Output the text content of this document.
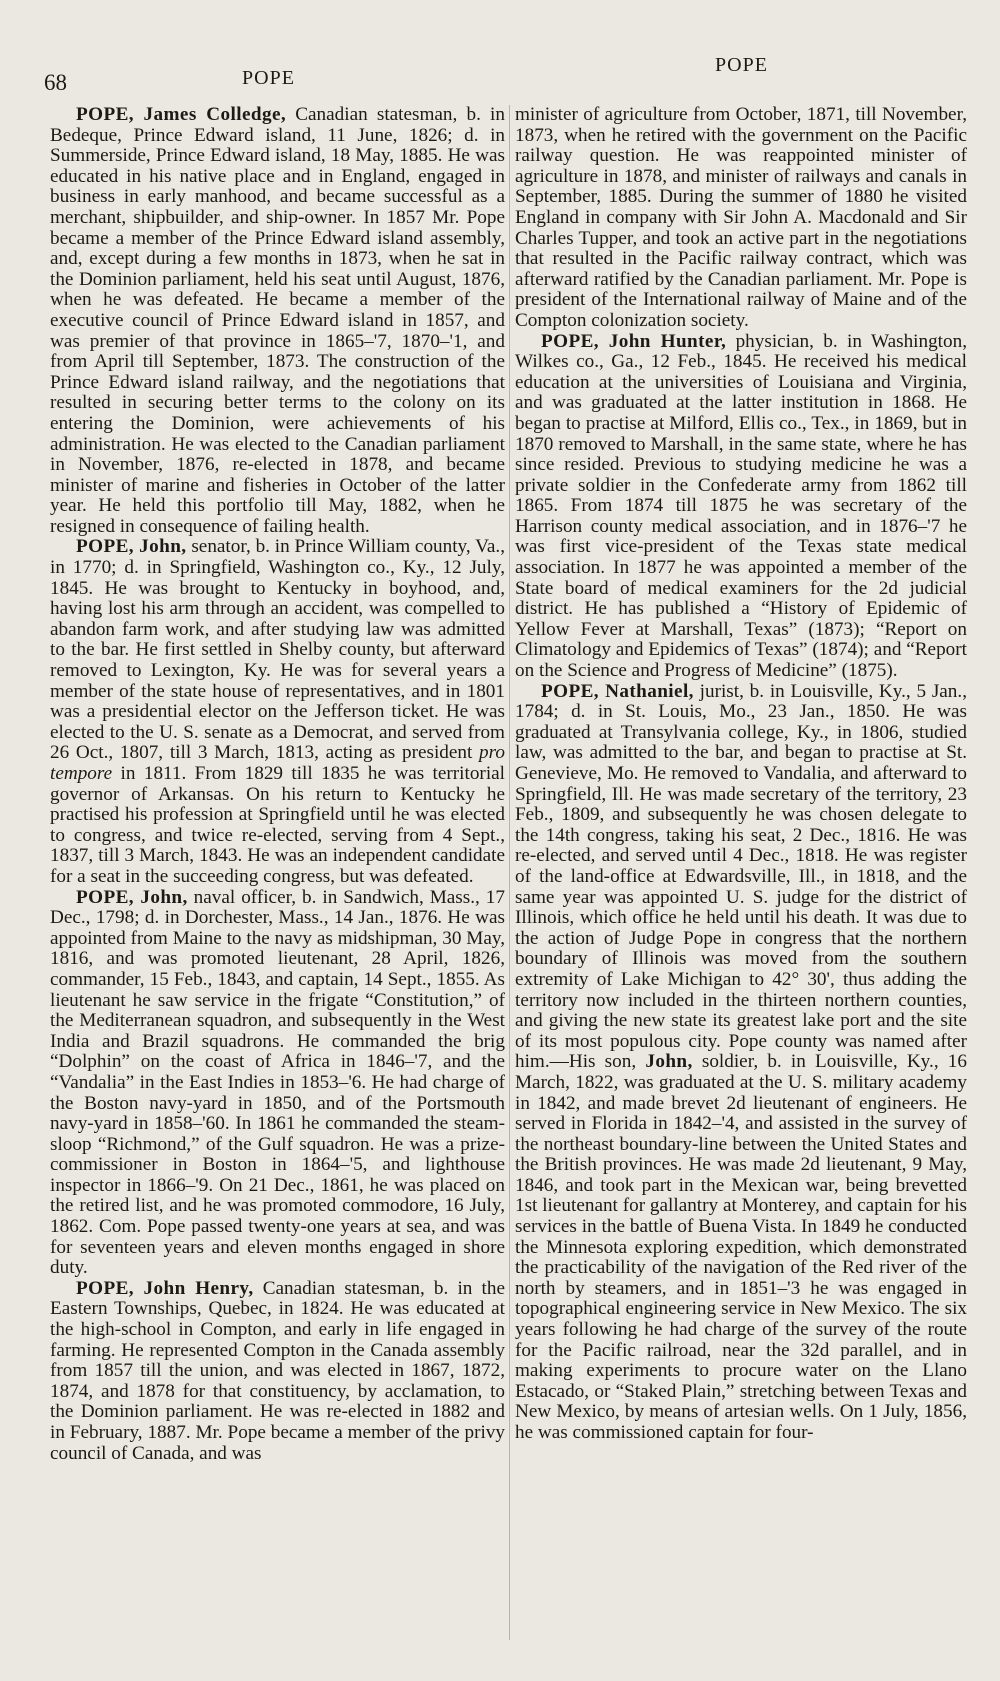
68	POPE
POPE

POPE, James Colledge, Canadian statesman, b. in Bedeque, Prince Edward island, 11 June, 1826; d. in Summerside, Prince Edward island, 18 May, 1885. He was educated in his native place and in England, engaged in business in early manhood, and became successful as a merchant, shipbuilder, and ship-owner. In 1857 Mr. Pope became a member of the Prince Edward island assembly, and, except during a few months in 1873, when he sat in the Dominion parliament, held his seat until August, 1876, when he was defeated. He became a member of the executive council of Prince Edward island in 1857, and was premier of that province in 1865–'7, 1870–'1, and from April till September, 1873. The construction of the Prince Edward island railway, and the negotiations that resulted in securing better terms to the colony on its entering the Dominion, were achievements of his administration. He was elected to the Canadian parliament in November, 1876, re-elected in 1878, and became minister of marine and fisheries in October of the latter year. He held this portfolio till May, 1882, when he resigned in consequence of failing health.

POPE, John, senator, b. in Prince William county, Va., in 1770; d. in Springfield, Washington co., Ky., 12 July, 1845. He was brought to Kentucky in boyhood, and, having lost his arm through an accident, was compelled to abandon farm work, and after studying law was admitted to the bar. He first settled in Shelby county, but afterward removed to Lexington, Ky. He was for several years a member of the state house of representatives, and in 1801 was a presidential elector on the Jefferson ticket. He was elected to the U. S. senate as a Democrat, and served from 26 Oct., 1807, till 3 March, 1813, acting as president pro tempore in 1811. From 1829 till 1835 he was territorial governor of Arkansas. On his return to Kentucky he practised his profession at Springfield until he was elected to congress, and twice re-elected, serving from 4 Sept., 1837, till 3 March, 1843. He was an independent candidate for a seat in the succeeding congress, but was defeated.

POPE, John, naval officer, b. in Sandwich, Mass., 17 Dec., 1798; d. in Dorchester, Mass., 14 Jan., 1876. He was appointed from Maine to the navy as midshipman, 30 May, 1816, and was promoted lieutenant, 28 April, 1826, commander, 15 Feb., 1843, and captain, 14 Sept., 1855. As lieutenant he saw service in the frigate “Constitution,” of the Mediterranean squadron, and subsequently in the West India and Brazil squadrons. He commanded the brig “Dolphin” on the coast of Africa in 1846–'7, and the “Vandalia” in the East Indies in 1853–'6. He had charge of the Boston navy-yard in 1850, and of the Portsmouth navy-yard in 1858–'60. In 1861 he commanded the steam-sloop “Richmond,” of the Gulf squadron. He was a prize-commissioner in Boston in 1864–'5, and lighthouse inspector in 1866–'9. On 21 Dec., 1861, he was placed on the retired list, and he was promoted commodore, 16 July, 1862. Com. Pope passed twenty-one years at sea, and was for seventeen years and eleven months engaged in shore duty.

POPE, John Henry, Canadian statesman, b. in the Eastern Townships, Quebec, in 1824. He was educated at the high-school in Compton, and early in life engaged in farming. He represented Compton in the Canada assembly from 1857 till the union, and was elected in 1867, 1872, 1874, and 1878 for that constituency, by acclamation, to the Dominion parliament. He was re-elected in 1882 and in February, 1887. Mr. Pope became a member of the privy council of Canada, and was

minister of agriculture from October, 1871, till November, 1873, when he retired with the government on the Pacific railway question. He was reappointed minister of agriculture in 1878, and minister of railways and canals in September, 1885. During the summer of 1880 he visited England in company with Sir John A. Macdonald and Sir Charles Tupper, and took an active part in the negotiations that resulted in the Pacific railway contract, which was afterward ratified by the Canadian parliament. Mr. Pope is president of the International railway of Maine and of the Compton colonization society.

POPE, John Hunter, physician, b. in Washington, Wilkes co., Ga., 12 Feb., 1845. He received his medical education at the universities of Louisiana and Virginia, and was graduated at the latter institution in 1868. He began to practise at Milford, Ellis co., Tex., in 1869, but in 1870 removed to Marshall, in the same state, where he has since resided. Previous to studying medicine he was a private soldier in the Confederate army from 1862 till 1865. From 1874 till 1875 he was secretary of the Harrison county medical association, and in 1876–'7 he was first vice-president of the Texas state medical association. In 1877 he was appointed a member of the State board of medical examiners for the 2d judicial district. He has published a “History of Epidemic of Yellow Fever at Marshall, Texas” (1873); “Report on Climatology and Epidemics of Texas” (1874); and “Report on the Science and Progress of Medicine” (1875).

POPE, Nathaniel, jurist, b. in Louisville, Ky., 5 Jan., 1784; d. in St. Louis, Mo., 23 Jan., 1850. He was graduated at Transylvania college, Ky., in 1806, studied law, was admitted to the bar, and began to practise at St. Genevieve, Mo. He removed to Vandalia, and afterward to Springfield, Ill. He was made secretary of the territory, 23 Feb., 1809, and subsequently he was chosen delegate to the 14th congress, taking his seat, 2 Dec., 1816. He was re-elected, and served until 4 Dec., 1818. He was register of the land-office at Edwardsville, Ill., in 1818, and the same year was appointed U. S. judge for the district of Illinois, which office he held until his death. It was due to the action of Judge Pope in congress that the northern boundary of Illinois was moved from the southern extremity of Lake Michigan to 42° 30', thus adding the territory now included in the thirteen northern counties, and giving the new state its greatest lake port and the site of its most populous city. Pope county was named after him.—His son, John, soldier, b. in Louisville, Ky., 16 March, 1822, was graduated at the U. S. military academy in 1842, and made brevet 2d lieutenant of engineers. He served in Florida in 1842–'4, and assisted in the survey of the northeast boundary-line between the United States and the British provinces. He was made 2d lieutenant, 9 May, 1846, and took part in the Mexican war, being brevetted 1st lieutenant for gallantry at Monterey, and captain for his services in the battle of Buena Vista. In 1849 he conducted the Minnesota exploring expedition, which demonstrated the practicability of the navigation of the Red river of the north by steamers, and in 1851–'3 he was engaged in topographical engineering service in New Mexico. The six years following he had charge of the survey of the route for the Pacific railroad, near the 32d parallel, and in making experiments to procure water on the Llano Estacado, or “Staked Plain,” stretching between Texas and New Mexico, by means of artesian wells. On 1 July, 1856, he was commissioned captain for four-
